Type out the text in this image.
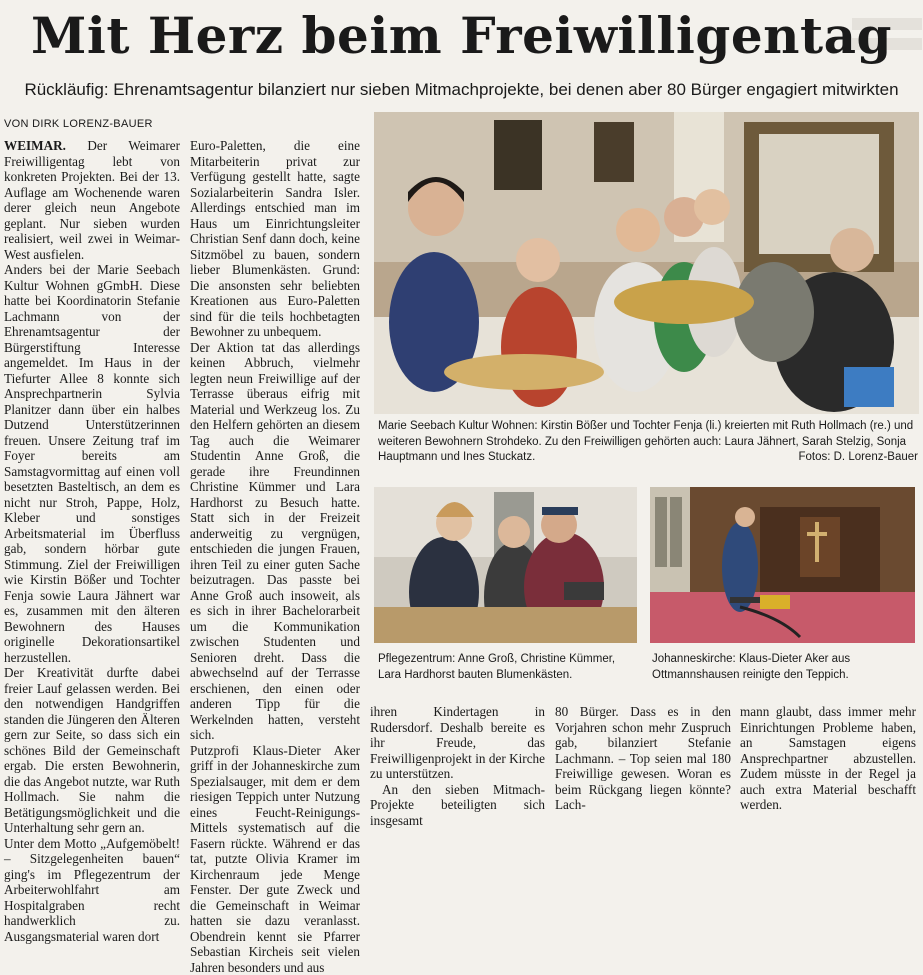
Mit Herz beim Freiwilligentag
Rückläufig: Ehrenamtsagentur bilanziert nur sieben Mitmachprojekte, bei denen aber 80 Bürger engagiert mitwirkten
VON DIRK LORENZ-BAUER

WEIMAR. Der Weimarer Freiwilligentag lebt von konkreten Projekten. Bei der 13. Auflage am Wochenende waren derer gleich neun Angebote geplant. Nur sieben wurden realisiert, weil zwei in Weimar-West ausfielen.

Anders bei der Marie Seebach Kultur Wohnen gGmbH. Diese hatte bei Koordinatorin Stefanie Lachmann von der Ehrenamtsagentur der Bürgerstiftung Interesse angemeldet. Im Haus in der Tiefurter Allee 8 konnte sich Ansprechpartnerin Sylvia Planitzer dann über ein halbes Dutzend Unterstützerinnen freuen. Unsere Zeitung traf im Foyer bereits am Samstagvormittag auf einen voll besetzten Basteltisch, an dem es nicht nur Stroh, Pappe, Holz, Kleber und sonstiges Arbeitsmaterial im Überfluss gab, sondern hörbar gute Stimmung. Ziel der Freiwilligen wie Kirstin Bößer und Tochter Fenja sowie Laura Jähnert war es, zusammen mit den älteren Bewohnern des Hauses originelle Dekorationsartikel herzustellen.

Der Kreativität durfte dabei freier Lauf gelassen werden. Bei den notwendigen Handgriffen standen die Jüngeren den Älteren gern zur Seite, so dass sich ein schönes Bild der Gemeinschaft ergab. Die ersten Bewohnerin, die das Angebot nutzte, war Ruth Hollmach. Sie nahm die Betätigungsmöglichkeit und die Unterhaltung sehr gern an.

Unter dem Motto „Aufgemöbelt! – Sitzgelegenheiten bauen“ ging's im Pflegezentrum der Arbeiterwohlfahrt am Hospitalgraben recht handwerklich zu. Ausgangsmaterial waren dort

Euro-Paletten, die eine Mitarbeiterin privat zur Verfügung gestellt hatte, sagte Sozialarbeiterin Sandra Isler. Allerdings entschied man im Haus um Einrichtungsleiter Christian Senf dann doch, keine Sitzmöbel zu bauen, sondern lieber Blumenkästen. Grund: Die ansonsten sehr beliebten Kreationen aus Euro-Paletten sind für die teils hochbetagten Bewohner zu unbequem.

Der Aktion tat das allerdings keinen Abbruch, vielmehr legten neun Freiwillige auf der Terrasse überaus eifrig mit Material und Werkzeug los. Zu den Helfern gehörten an diesem Tag auch die Weimarer Studentin Anne Groß, die gerade ihre Freundinnen Christine Kümmer und Lara Hardhorst zu Besuch hatte. Statt sich in der Freizeit anderweitig zu vergnügen, entschieden die jungen Frauen, ihren Teil zu einer guten Sache beizutragen. Das passte bei Anne Groß auch insoweit, als es sich in ihrer Bachelorarbeit um die Kommunikation zwischen Studenten und Senioren dreht. Dass die abwechselnd auf der Terrasse erschienen, den einen oder anderen Tipp für die Werkelnden hatten, versteht sich.

Putzprofi Klaus-Dieter Aker griff in der Johanneskirche zum Spezialsauger, mit dem er dem riesigen Teppich unter Nutzung eines Feucht-Reinigungs-Mittels systematisch auf die Fasern rückte. Während er das tat, putzte Olivia Kramer im Kirchenraum jede Menge Fenster. Der gute Zweck und die Gemeinschaft in Weimar hatten sie dazu veranlasst. Obendrein kennt sie Pfarrer Sebastian Kircheis seit vielen Jahren besonders und aus

Marie Seebach Kultur Wohnen: Kirstin Bößer und Tochter Fenja (li.) kreierten mit Ruth Hollmach (re.) und weiteren Bewohnern Strohdeko. Zu den Freiwilligen gehörten auch: Laura Jähnert, Sarah Stelzig, Sonja Hauptmann und Ines Stuckatz.	Fotos: D. Lorenz-Bauer
Pflegezentrum: Anne Groß, Christine Kümmer, Lara Hardhorst bauten Blumenkästen.
Johanneskirche: Klaus-Dieter Aker aus Ottmannshausen reinigte den Teppich.

ihren Kindertagen in Rudersdorf. Deshalb bereite es ihr Freude, das Freiwilligenprojekt in der Kirche zu unterstützen.

An den sieben Mitmach-Projekte beteiligten sich insgesamt

80 Bürger. Dass es in den Vorjahren schon mehr Zuspruch gab, bilanziert Stefanie Lachmann. – Top seien mal 180 Freiwillige gewesen. Woran es beim Rückgang liegen könnte? Lach-

mann glaubt, dass immer mehr Einrichtungen Probleme haben, an Samstagen eigens Ansprechpartner abzustellen. Zudem müsste in der Regel ja auch extra Material beschafft werden.
